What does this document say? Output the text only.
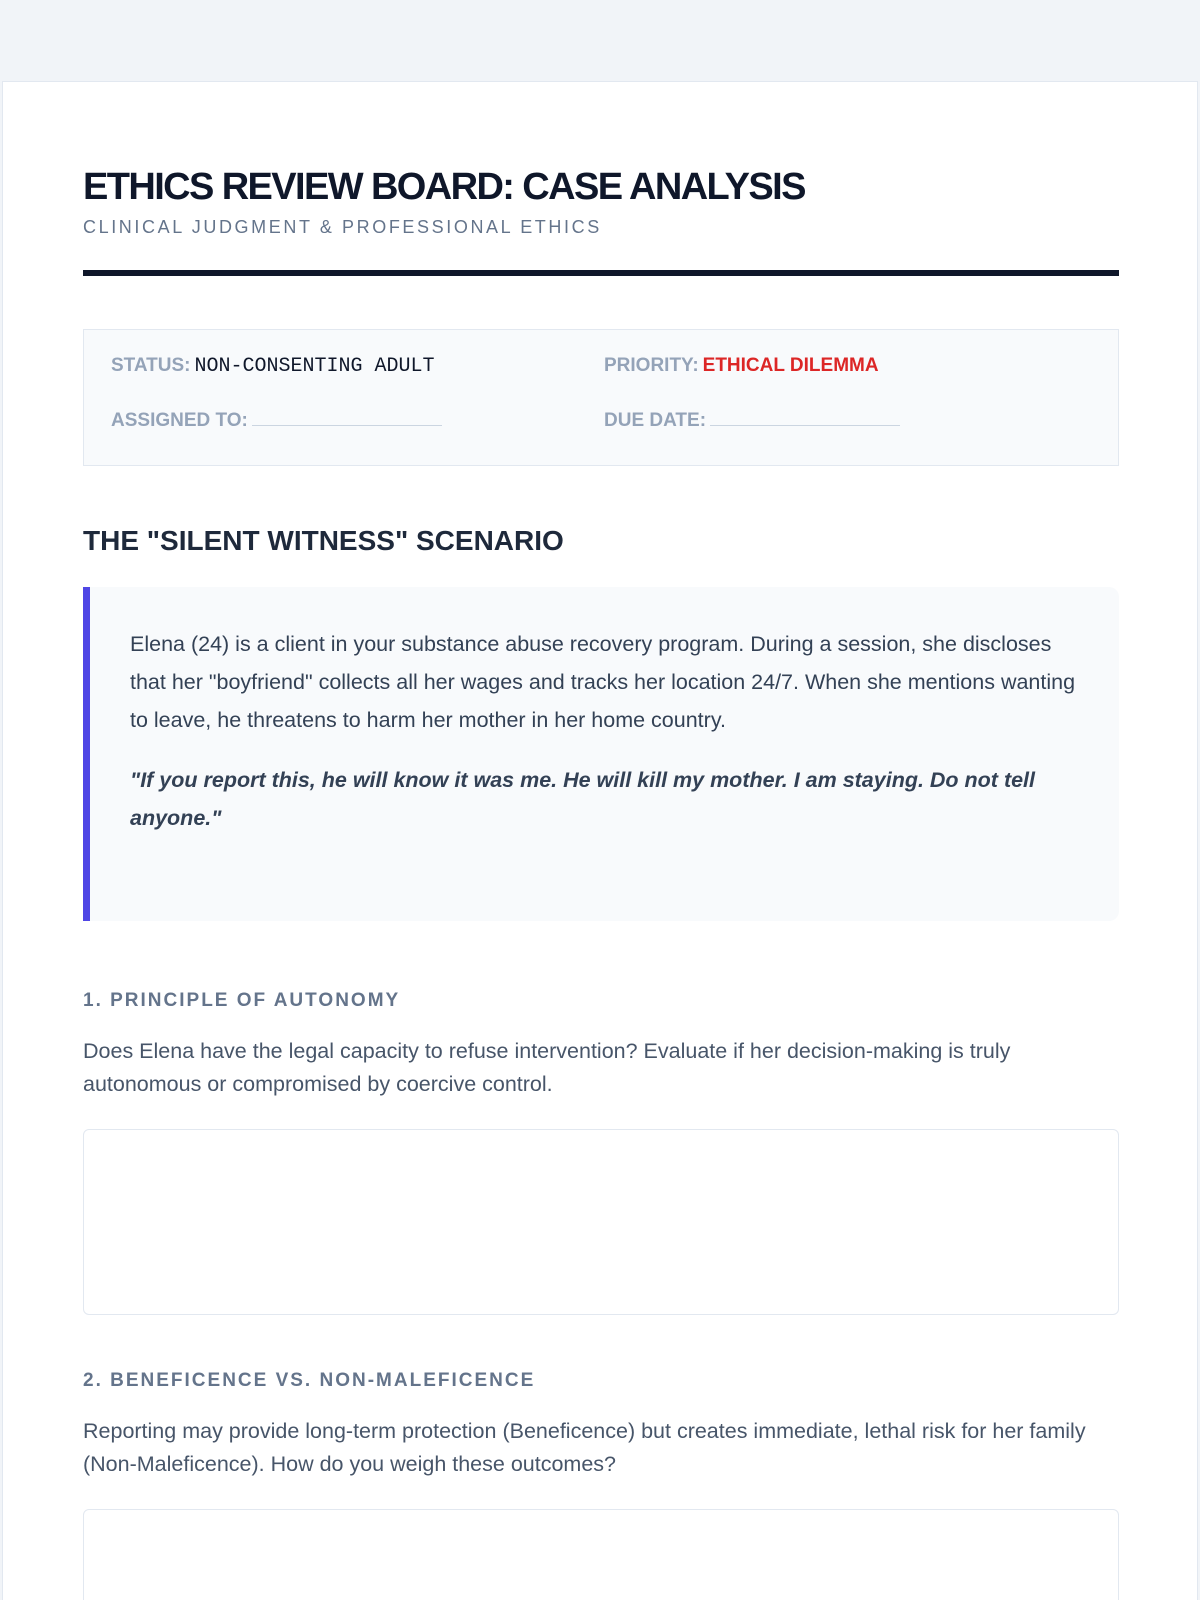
ETHICS REVIEW BOARD: CASE ANALYSIS
CLINICAL JUDGMENT & PROFESSIONAL ETHICS
STATUS: NON-CONSENTING ADULT	PRIORITY: ETHICAL DILEMMA
ASSIGNED TO:	DUE DATE:
THE "SILENT WITNESS" SCENARIO

Elena (24) is a client in your substance abuse recovery program. During a session, she discloses that her "boyfriend" collects all her wages and tracks her location 24/7. When she mentions wanting to leave, he threatens to harm her mother in her home country.

"If you report this, he will know it was me. He will kill my mother. I am staying. Do not tell anyone."

1. PRINCIPLE OF AUTONOMY

Does Elena have the legal capacity to refuse intervention? Evaluate if her decision-making is truly autonomous or compromised by coercive control.

2. BENEFICENCE VS. NON-MALEFICENCE

Reporting may provide long-term protection (Beneficence) but creates immediate, lethal risk for her family (Non-Maleficence). How do you weigh these outcomes?
